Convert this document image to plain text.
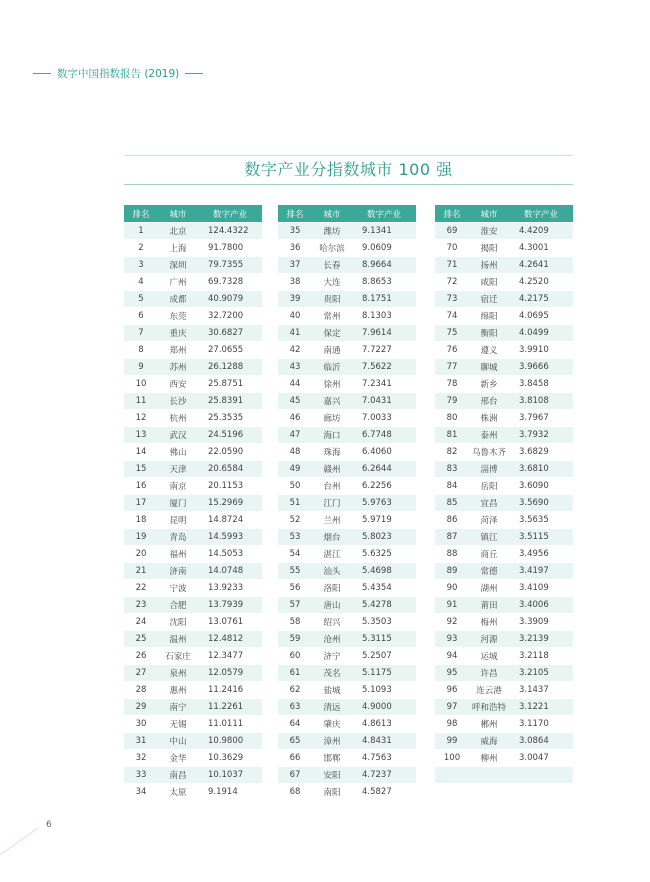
数字中国指数报告 (2019)
数字产业分指数城市 100 强
排名	城市	数字产业
1	北京	124.4322
2	上海	91.7800
3	深圳	79.7355
4	广州	69.7328
5	成都	40.9079
6	东莞	32.7200
7	重庆	30.6827
8	郑州	27.0655
9	苏州	26.1288
10	西安	25.8751
11	长沙	25.8391
12	杭州	25.3535
13	武汉	24.5196
14	佛山	22.0590
15	天津	20.6584
16	南京	20.1153
17	厦门	15.2969
18	昆明	14.8724
19	青岛	14.5993
20	福州	14.5053
21	济南	14.0748
22	宁波	13.9233
23	合肥	13.7939
24	沈阳	13.0761
25	温州	12.4812
26	石家庄	12.3477
27	泉州	12.0579
28	惠州	11.2416
29	南宁	11.2261
30	无锡	11.0111
31	中山	10.9800
32	金华	10.3629
33	南昌	10.1037
34	太原	9.1914
排名	城市	数字产业
35	潍坊	9.1341
36	哈尔滨	9.0609
37	长春	8.9664
38	大连	8.8653
39	贵阳	8.1751
40	常州	8.1303
41	保定	7.9614
42	南通	7.7227
43	临沂	7.5622
44	徐州	7.2341
45	嘉兴	7.0431
46	廊坊	7.0033
47	海口	6.7748
48	珠海	6.4060
49	赣州	6.2644
50	台州	6.2256
51	江门	5.9763
52	兰州	5.9719
53	烟台	5.8023
54	湛江	5.6325
55	汕头	5.4698
56	洛阳	5.4354
57	唐山	5.4278
58	绍兴	5.3503
59	沧州	5.3115
60	济宁	5.2507
61	茂名	5.1175
62	盐城	5.1093
63	清远	4.9000
64	肇庆	4.8613
65	漳州	4.8431
66	邯郸	4.7563
67	安阳	4.7237
68	南阳	4.5827
排名	城市	数字产业
69	淮安	4.4209
70	揭阳	4.3001
71	扬州	4.2641
72	咸阳	4.2520
73	宿迁	4.2175
74	绵阳	4.0695
75	衡阳	4.0499
76	遵义	3.9910
77	聊城	3.9666
78	新乡	3.8458
79	邢台	3.8108
80	株洲	3.7967
81	泰州	3.7932
82	乌鲁木齐	3.6829
83	淄博	3.6810
84	岳阳	3.6090
85	宜昌	3.5690
86	菏泽	3.5635
87	镇江	3.5115
88	商丘	3.4956
89	常德	3.4197
90	湖州	3.4109
91	莆田	3.4006
92	梅州	3.3909
93	河源	3.2139
94	运城	3.2118
95	许昌	3.2105
96	连云港	3.1437
97	呼和浩特	3.1221
98	郴州	3.1170
99	威海	3.0864
100	柳州	3.0047
6
